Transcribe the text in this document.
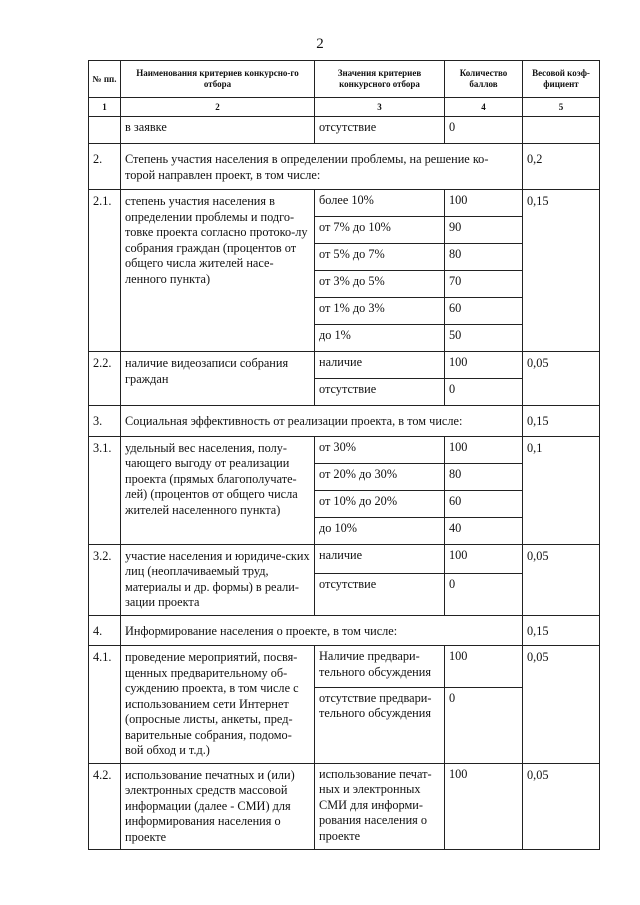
2
№ пп.	Наименования критериев конкурсно-го отбора	Значения критериев конкурсного отбора	Количество баллов	Весовой коэф-фициент
1	2	3	4	5
	в заявке	отсутствие	0	
2.	Степень участия населения в определении проблемы, на решение ко-торой направлен проект, в том числе:			0,2
2.1.	степень участия населения в определении проблемы и подго-товке проекта согласно протоко-лу собрания граждан (процентов от общего числа жителей насе-ленного пункта)	более 10%	100	0,15
		от 7% до 10%	90	
		от 5% до 7%	80	
		от 3% до 5%	70	
		от 1% до 3%	60	
		до 1%	50	
2.2.	наличие видеозаписи собрания граждан	наличие	100	0,05
		отсутствие	0	
3.	Социальная эффективность от реализации проекта, в том числе:			0,15
3.1.	удельный вес населения, полу-чающего выгоду от реализации проекта (прямых благополучате-лей) (процентов от общего числа жителей населенного пункта)	от 30%	100	0,1
		от 20% до 30%	80	
		от 10% до 20%	60	
		до 10%	40	
3.2.	участие населения и юридиче-ских лиц (неоплачиваемый труд, материалы и др. формы) в реали-зации проекта	наличие	100	0,05
		отсутствие	0	
4.	Информирование населения о проекте, в том числе:			0,15
4.1.	проведение мероприятий, посвя-щенных предварительному об-суждению проекта, в том числе с использованием сети Интернет (опросные листы, анкеты, пред-варительные собрания, подомо-вой обход и т.д.)	Наличие предвари-тельного обсуждения	100	0,05
		отсутствие предвари-тельного обсуждения	0	
4.2.	использование печатных и (или) электронных средств массовой информации (далее - СМИ) для информирования населения о проекте	использование печат-ных и электронных СМИ для информи-рования населения о проекте	100	0,05
